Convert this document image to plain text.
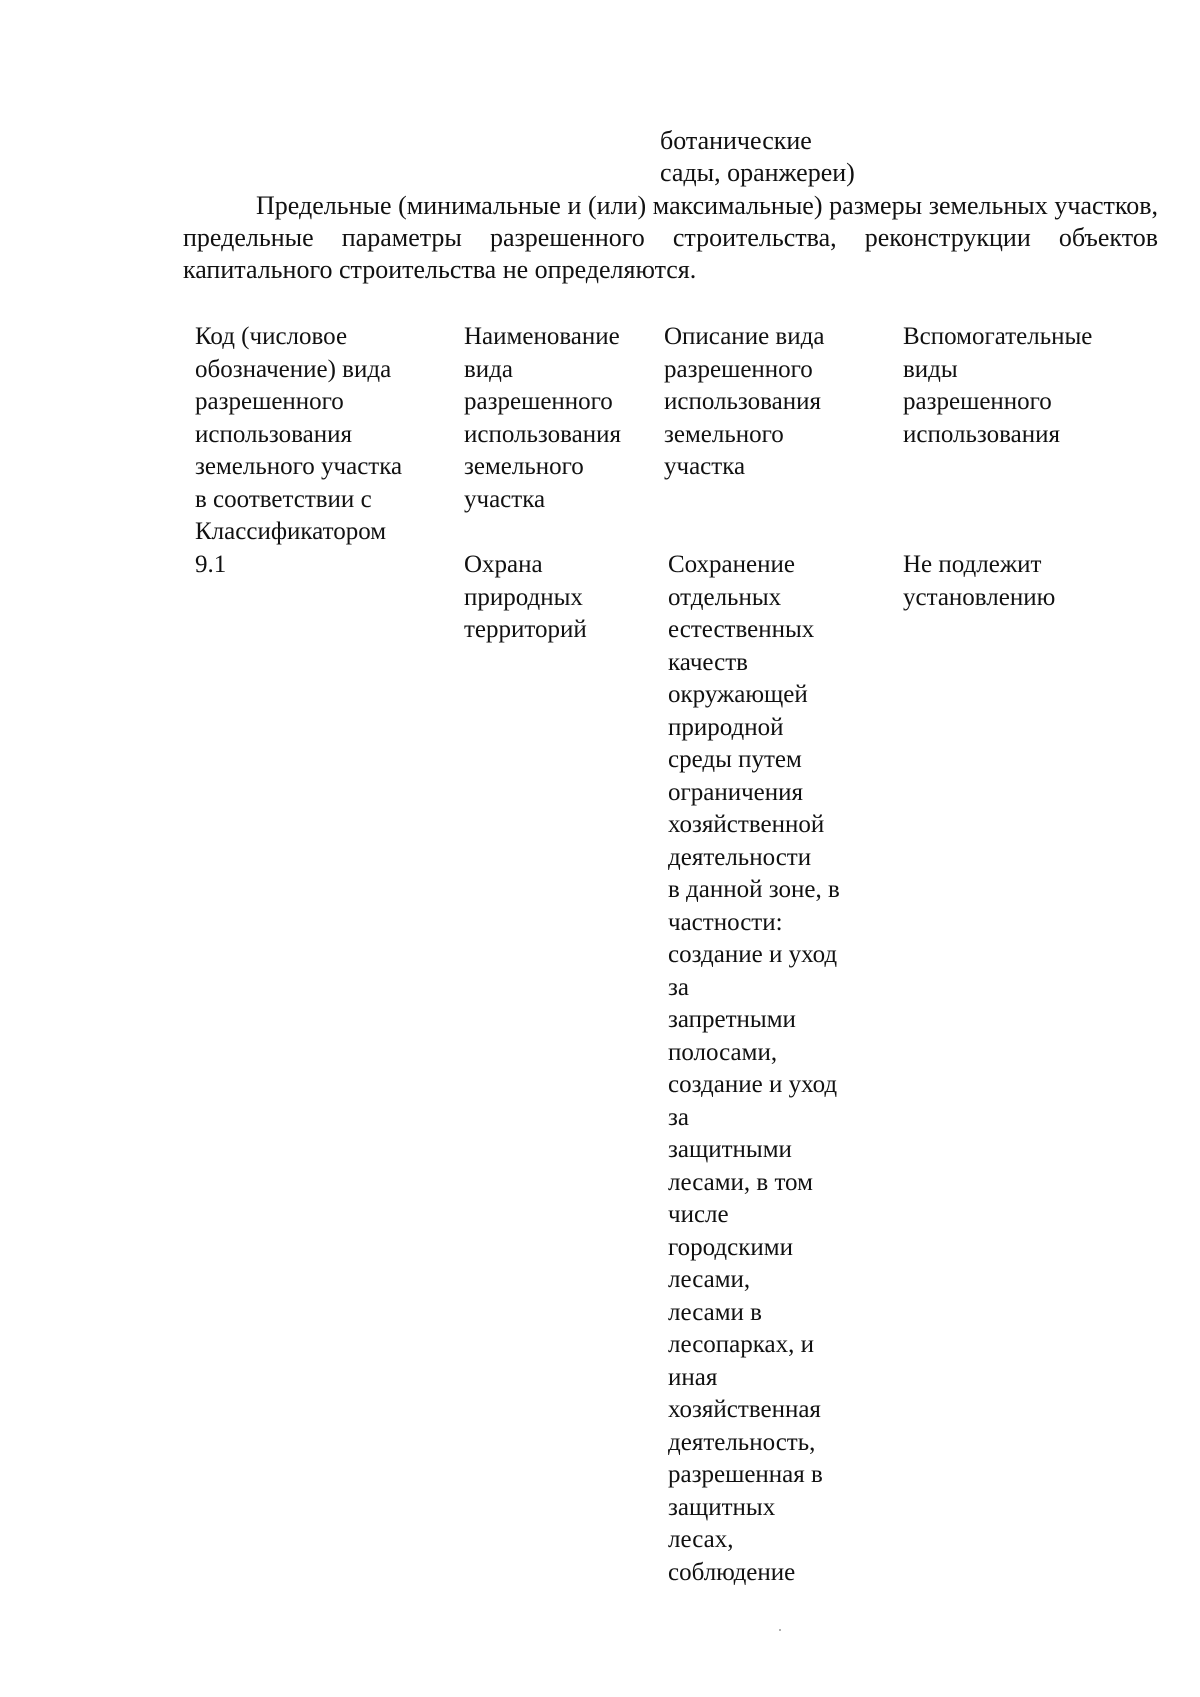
ботанические
сады, оранжереи)

Предельные (минимальные и (или) максимальные) размеры земельных участков, предельные параметры разрешенного строительства, реконструкции объектов капитального строительства не определяются.

Код (числовое
обозначение) вида
разрешенного
использования
земельного участка
в соответствии с
Классификатором
Наименование
вида
разрешенного
использования
земельного
участка
Описание вида
разрешенного
использования
земельного
участка
Вспомогательные
виды
разрешенного
использования
9.1	Охрана
природных
территорий
Сохранение
отдельных
естественных
качеств
окружающей
природной
среды путем
ограничения
хозяйственной
деятельности
в данной зоне, в
частности:
создание и уход
за
запретными
полосами,
создание и уход
за
защитными
лесами, в том
числе
городскими
лесами,
лесами в
лесопарках, и
иная
хозяйственная
деятельность,
разрешенная в
защитных
лесах,
соблюдение
Не подлежит
установлению
